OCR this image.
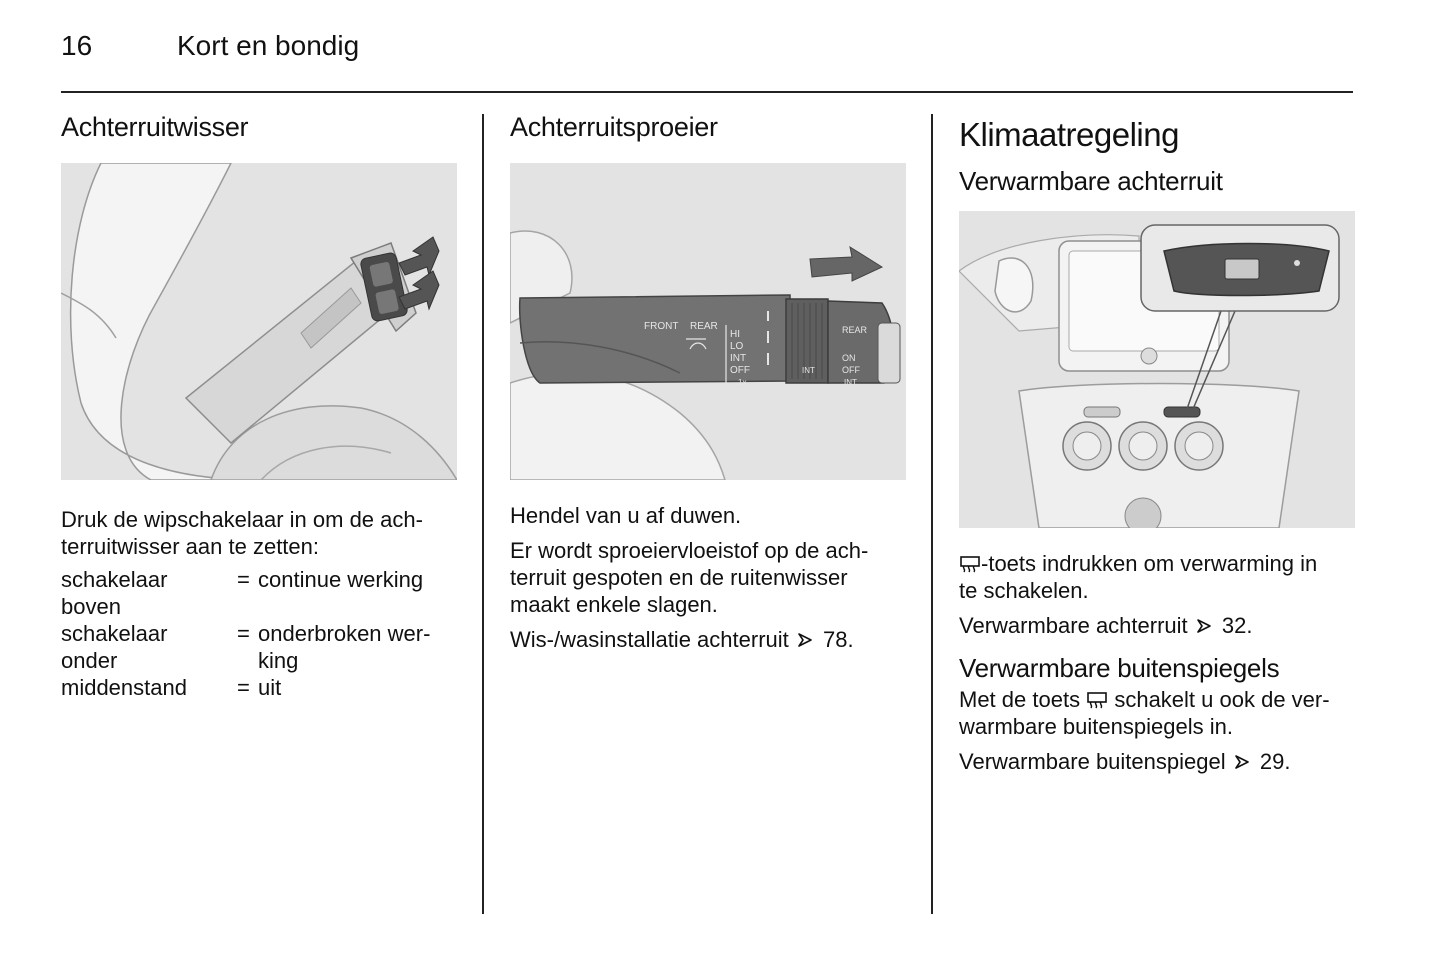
16	Kort en bondig
Achterruitwisser

Druk de wipschakelaar in om de ach-
terruitwisser aan te zetten:

schakelaar
boven	=	continue werking
schakelaar
onder	=	onderbroken wer-
king
middenstand	=	uit
Achterruitsproeier
FRONT REAR
HI
LO
INT
OFF
1x
INT
REAR
ON
OFF
INT

Hendel van u af duwen.

Er wordt sproeiervloeistof op de ach-
terruit gespoten en de ruitenwisser
maakt enkele slagen.

Wis-/wasinstallatie achterruit 78.

Klimaatregeling
Verwarmbare achterruit

-toets indrukken om verwarming in
te schakelen.

Verwarmbare achterruit 32.

Verwarmbare buitenspiegels

Met de toets schakelt u ook de ver-
warmbare buitenspiegels in.

Verwarmbare buitenspiegel 29.
